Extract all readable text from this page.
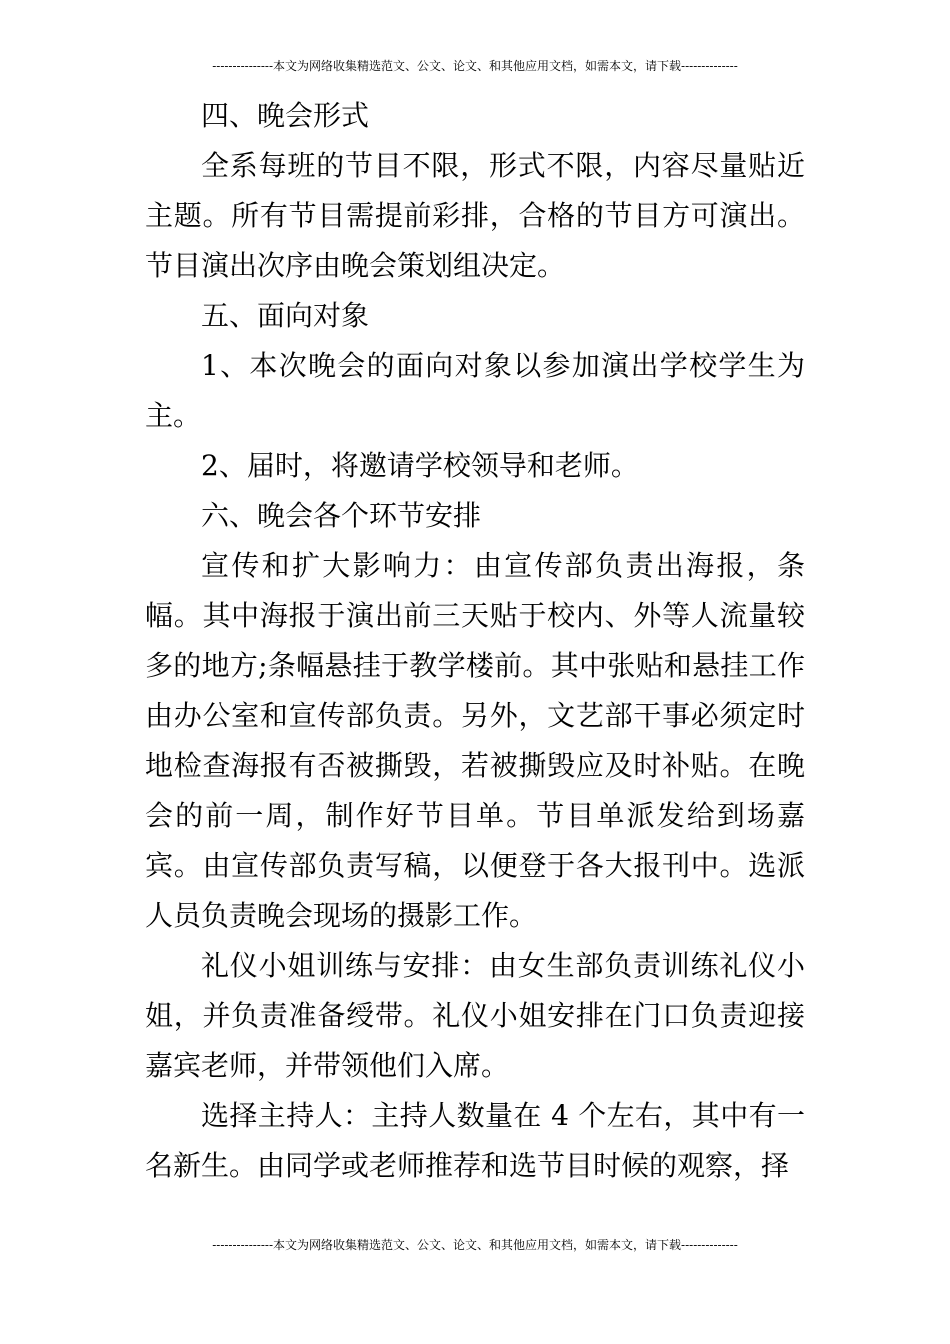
---------------本文为网络收集精选范文、公文、论文、和其他应用文档，如需本文，请下载--------------

四、晚会形式

全系每班的节目不限，形式不限，内容尽量贴近主题。所有节目需提前彩排，合格的节目方可演出。节目演出次序由晚会策划组决定。

五、面向对象

1、本次晚会的面向对象以参加演出学校学生为主。

2、届时，将邀请学校领导和老师。

六、晚会各个环节安排

宣传和扩大影响力：由宣传部负责出海报，条幅。其中海报于演出前三天贴于校内、外等人流量较多的地方;条幅悬挂于教学楼前。其中张贴和悬挂工作由办公室和宣传部负责。另外，文艺部干事必须定时地检查海报有否被撕毁，若被撕毁应及时补贴。在晚会的前一周，制作好节目单。节目单派发给到场嘉宾。由宣传部负责写稿，以便登于各大报刊中。选派人员负责晚会现场的摄影工作。

礼仪小姐训练与安排：由女生部负责训练礼仪小姐，并负责准备绶带。礼仪小姐安排在门口负责迎接嘉宾老师，并带领他们入席。

选择主持人：主持人数量在 4 个左右，其中有一名新生。由同学或老师推荐和选节目时候的观察，择

---------------本文为网络收集精选范文、公文、论文、和其他应用文档，如需本文，请下载--------------
